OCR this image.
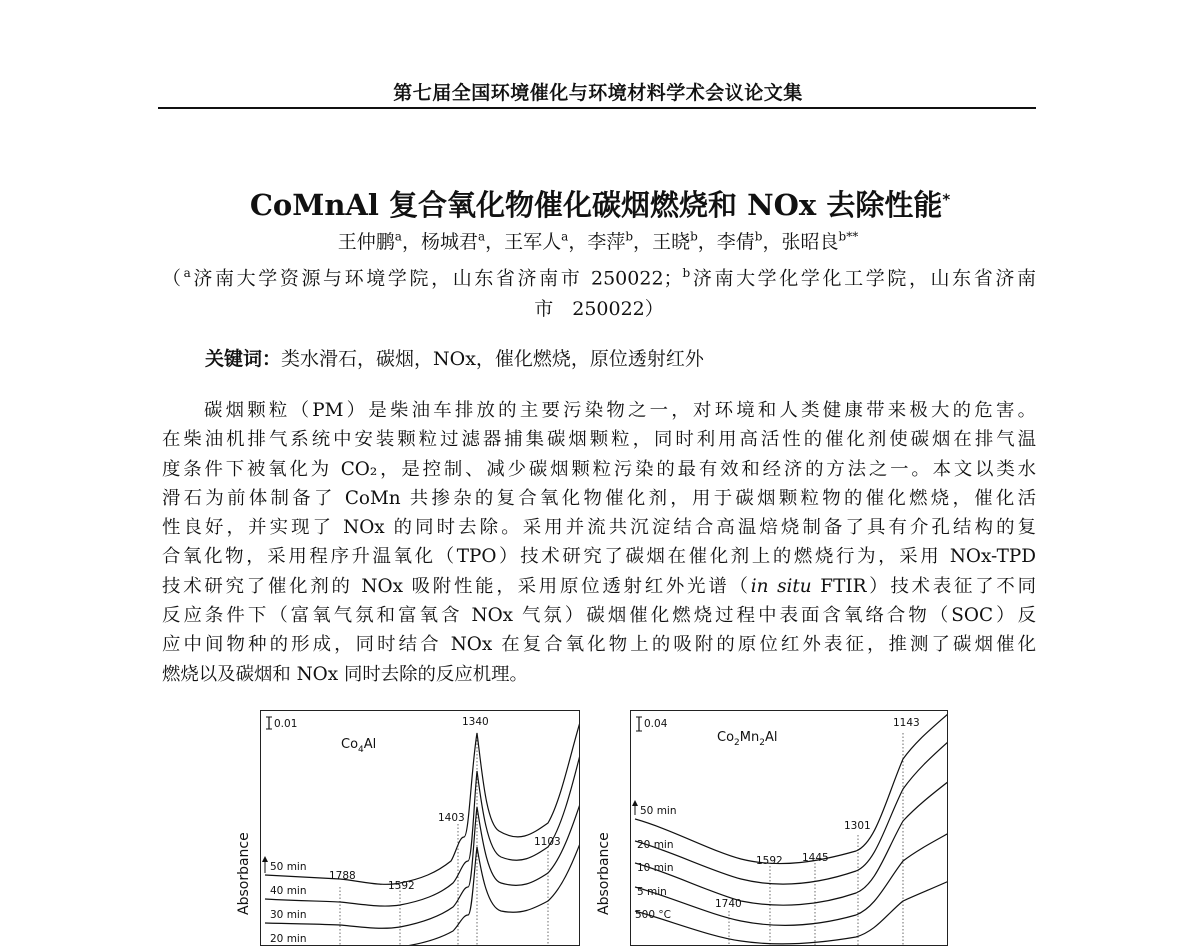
第七届全国环境催化与环境材料学术会议论文集
CoMnAl 复合氧化物催化碳烟燃烧和 NOx 去除性能*
王仲鹏$^a$，杨城君$^a$，王军人$^a$，李萍$^b$，王晓$^b$，李倩$^b$，张昭良$^{b**}$
（$^a$济南大学资源与环境学院，山东省济南市 250022；$^b$济南大学化学化工学院，山东省济南
市　250022）
关键词：类水滑石，碳烟，NOx，催化燃烧，原位透射红外
碳烟颗粒（PM）是柴油车排放的主要污染物之一，对环境和人类健康带来极大的危害。
在柴油机排气系统中安装颗粒过滤器捕集碳烟颗粒，同时利用高活性的催化剂使碳烟在排气温
度条件下被氧化为 CO₂，是控制、减少碳烟颗粒污染的最有效和经济的方法之一。本文以类水
滑石为前体制备了 CoMn 共掺杂的复合氧化物催化剂，用于碳烟颗粒物的催化燃烧，催化活
性良好，并实现了 NOx 的同时去除。采用并流共沉淀结合高温焙烧制备了具有介孔结构的复
合氧化物，采用程序升温氧化（TPO）技术研究了碳烟在催化剂上的燃烧行为，采用 NOx-TPD
技术研究了催化剂的 NOx 吸附性能，采用原位透射红外光谱（in situ FTIR）技术表征了不同
反应条件下（富氧气氛和富氧含 NOx 气氛）碳烟催化燃烧过程中表面含氧络合物（SOC）反
应中间物种的形成，同时结合 NOx 在复合氧化物上的吸附的原位红外表征，推测了碳烟催化
燃烧以及碳烟和 NOx 同时去除的反应机理。
Absorbance
0.01
$Co_4Al$
1340
1403
1103
1788
1592
50 min
40 min
30 min
20 min
Absorbance
0.04
$Co_2Mn_2Al$
1143
1301
1592 1445
1740
50 min
20 min
10 min
5 min
500 °C
